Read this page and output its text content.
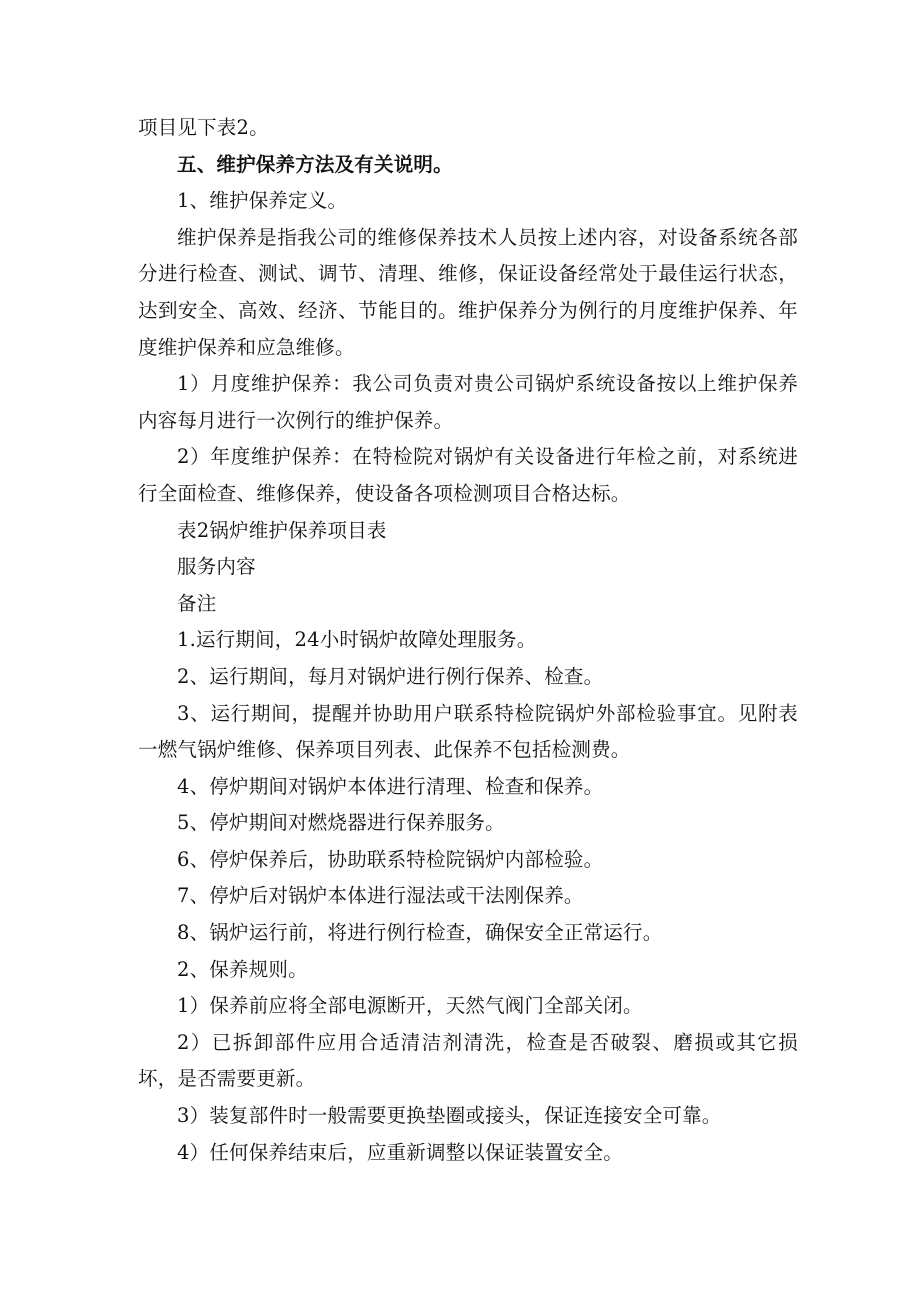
项目见下表2。

五、维护保养方法及有关说明。

1、维护保养定义。

维护保养是指我公司的维修保养技术人员按上述内容，对设备系统各部分进行检查、测试、调节、清理、维修，保证设备经常处于最佳运行状态，达到安全、高效、经济、节能目的。维护保养分为例行的月度维护保养、年度维护保养和应急维修。

1）月度维护保养：我公司负责对贵公司锅炉系统设备按以上维护保养内容每月进行一次例行的维护保养。

2）年度维护保养：在特检院对锅炉有关设备进行年检之前，对系统进行全面检查、维修保养，使设备各项检测项目合格达标。

表2锅炉维护保养项目表

服务内容

备注

1.运行期间，24小时锅炉故障处理服务。

2、运行期间，每月对锅炉进行例行保养、检查。

3、运行期间，提醒并协助用户联系特检院锅炉外部检验事宜。见附表一燃气锅炉维修、保养项目列表、此保养不包括检测费。

4、停炉期间对锅炉本体进行清理、检查和保养。

5、停炉期间对燃烧器进行保养服务。

6、停炉保养后，协助联系特检院锅炉内部检验。

7、停炉后对锅炉本体进行湿法或干法刚保养。

8、锅炉运行前，将进行例行检查，确保安全正常运行。

2、保养规则。

1）保养前应将全部电源断开，天然气阀门全部关闭。

2）已拆卸部件应用合适清洁剂清洗，检查是否破裂、磨损或其它损坏，是否需要更新。

3）装复部件时一般需要更换垫圈或接头，保证连接安全可靠。

4）任何保养结束后，应重新调整以保证装置安全。
